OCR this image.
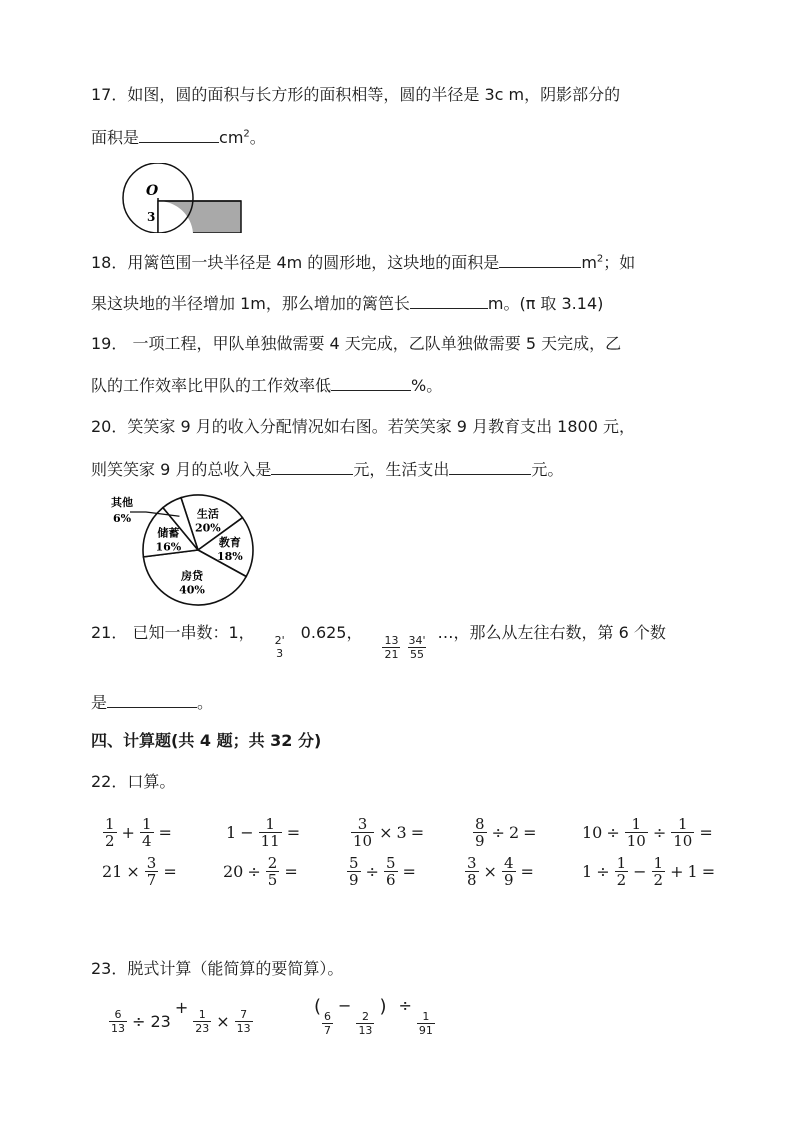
17．如图，圆的面积与长方形的面积相等，圆的半径是 3c m，阴影部分的
面积是	$cm^2$。
O
3
18．用篱笆围一块半径是 4m 的圆形地，这块地的面积是	$m^2$；如
果这块地的半径增加 1m，那么增加的篱笆长	m。(π 取 3.14)
19． 一项工程，甲队单独做需要 4 天完成，乙队单独做需要 5 天完成，乙
队的工作效率比甲队的工作效率低	%。
20．笑笑家 9 月的收入分配情况如右图。若笑笑家 9 月教育支出 1800 元，
则笑笑家 9 月的总收入是	元，生活支出	元。
生活
20%
教育
18%
房贷
40%
储蓄
16%
其他
6%
21． 已知一串数：1， 2'
3
0.625，
$\frac{13}{21} \frac{34'}{55}$
…，那么从左往右数，第 6 个数
是	。
四、计算题(共 4 题；共 32 分)
22．口算。
$\frac{1}{2} + \frac{1}{4}$ =	$1 - \frac{1}{11}$ =	$\frac{3}{10} \times 3$ =	$\frac{8}{9} \div 2$ =	$10 \div \frac{1}{10} \div \frac{1}{10}$ =
$21 \times \frac{3}{7}$ =	$20 \div \frac{2}{5}$ =	$\frac{5}{9} \div \frac{5}{6}$ =	$\frac{3}{8} \times \frac{4}{9}$ =	$1 \div \frac{1}{2} - \frac{1}{2} + 1$ =
23．脱式计算（能简算的要简算）。
$\frac{6}{13} \div 23$
+
$\frac{1}{23} \times \frac{7}{13}$
(
$\frac{6}{7}$
−
$\frac{2}{13}$
) ÷
$\frac{1}{91}$
